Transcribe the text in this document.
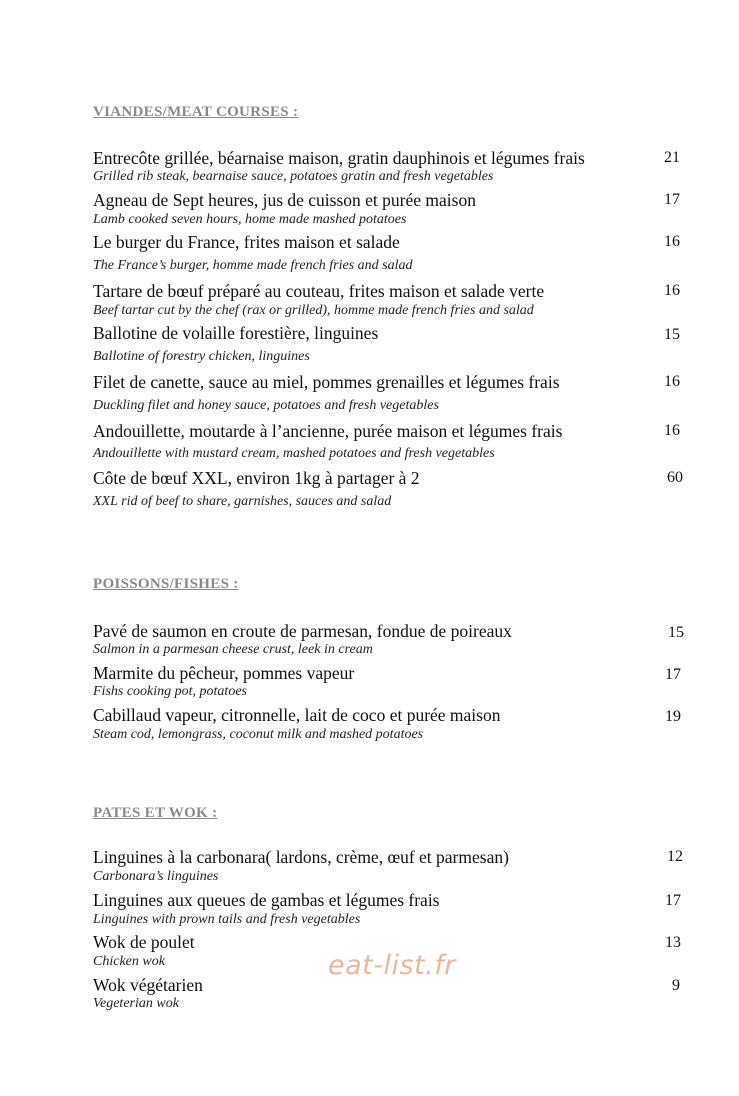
VIANDES/MEAT COURSES :
Entrecôte grillée, béarnaise maison, gratin dauphinois et légumes frais	21
Grilled rib steak, bearnaise sauce, potatoes gratin and fresh vegetables
Agneau de Sept heures, jus de cuisson et purée maison	17
Lamb cooked seven hours, home made mashed potatoes
Le burger du France, frites maison et salade	16
The France’s burger, homme made french fries and salad
Tartare de bœuf préparé au couteau, frites maison et salade verte	16
Beef tartar cut by the chef (rax or grilled), homme made french fries and salad
Ballotine de volaille forestière, linguines	15
Ballotine of forestry chicken, linguines
Filet de canette, sauce au miel, pommes grenailles et légumes frais	16
Duckling filet and honey sauce, potatoes and fresh vegetables
Andouillette, moutarde à l’ancienne, purée maison et légumes frais	16
Andouillette with mustard cream, mashed potatoes and fresh vegetables
Côte de bœuf XXL, environ 1kg à partager à 2	60
XXL rid of beef to share, garnishes, sauces and salad
POISSONS/FISHES :
Pavé de saumon en croute de parmesan, fondue de poireaux	15
Salmon in a parmesan cheese crust, leek in cream
Marmite du pêcheur, pommes vapeur	17
Fishs cooking pot, potatoes
Cabillaud vapeur, citronnelle, lait de coco et purée maison	19
Steam cod, lemongrass, coconut milk and mashed potatoes
PATES ET WOK :
Linguines à la carbonara( lardons, crème, œuf et parmesan)	12
Carbonara’s linguines
Linguines aux queues de gambas et légumes frais	17
Linguines with prown tails and fresh vegetables
Wok de poulet	13
Chicken wok
Wok végétarien	9
Vegeterian wok
eat-list.fr
